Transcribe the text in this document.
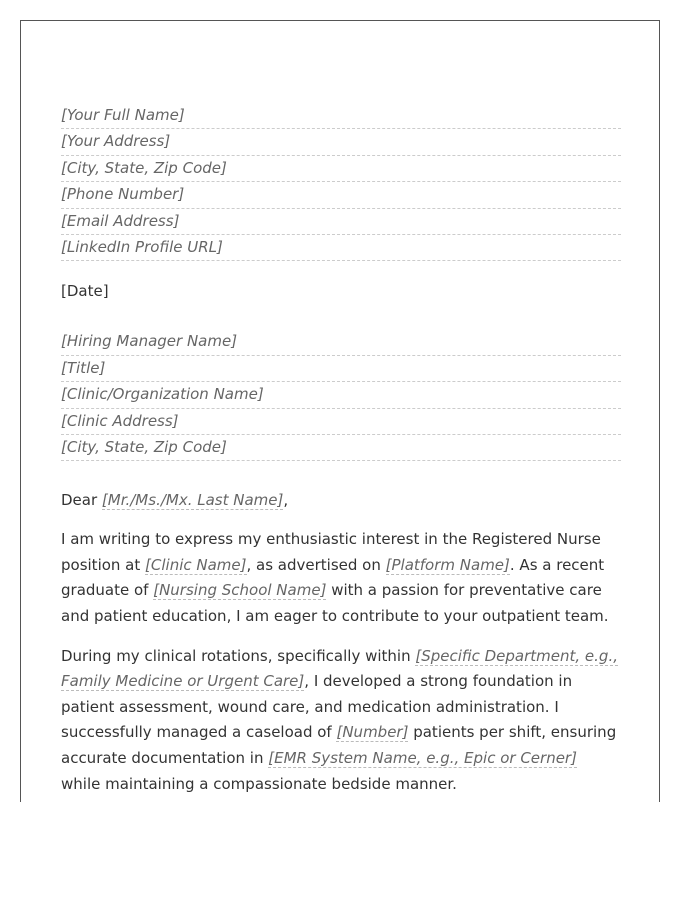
[Your Full Name]
[Your Address]
[City, State, Zip Code]
[Phone Number]
[Email Address]
[LinkedIn Profile URL]
[Date]
[Hiring Manager Name]
[Title]
[Clinic/Organization Name]
[Clinic Address]
[City, State, Zip Code]
Dear [Mr./Ms./Mx. Last Name],
I am writing to express my enthusiastic interest in the Registered Nurse position at [Clinic Name], as advertised on [Platform Name]. As a recent graduate of [Nursing School Name] with a passion for preventative care and patient education, I am eager to contribute to your outpatient team.
During my clinical rotations, specifically within [Specific Department, e.g., Family Medicine or Urgent Care], I developed a strong foundation in patient assessment, wound care, and medication administration. I successfully managed a caseload of [Number] patients per shift, ensuring accurate documentation in [EMR System Name, e.g., Epic or Cerner] while maintaining a compassionate bedside manner.
